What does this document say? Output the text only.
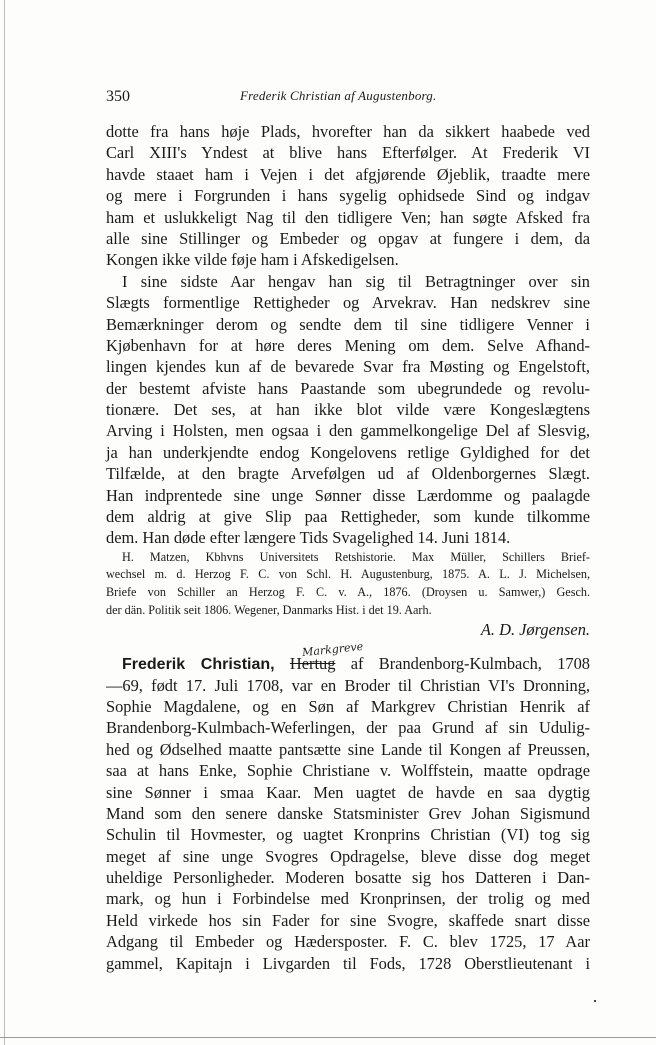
350	Frederik Christian af Augustenborg.
dotte fra hans høje Plads, hvorefter han da sikkert haabede ved
Carl XIII's Yndest at blive hans Efterfølger. At Frederik VI
havde staaet ham i Vejen i det afgjørende Øjeblik, traadte mere
og mere i Forgrunden i hans sygelig ophidsede Sind og indgav
ham et uslukkeligt Nag til den tidligere Ven; han søgte Afsked fra
alle sine Stillinger og Embeder og opgav at fungere i dem, da
Kongen ikke vilde føje ham i Afskedigelsen.
I sine sidste Aar hengav han sig til Betragtninger over sin
Slægts formentlige Rettigheder og Arvekrav. Han nedskrev sine
Bemærkninger derom og sendte dem til sine tidligere Venner i
Kjøbenhavn for at høre deres Mening om dem. Selve Afhand-
lingen kjendes kun af de bevarede Svar fra Møsting og Engelstoft,
der bestemt afviste hans Paastande som ubegrundede og revolu-
tionære. Det ses, at han ikke blot vilde være Kongeslægtens
Arving i Holsten, men ogsaa i den gammelkongelige Del af Slesvig,
ja han underkjendte endog Kongelovens retlige Gyldighed for det
Tilfælde, at den bragte Arvefølgen ud af Oldenborgernes Slægt.
Han indprentede sine unge Sønner disse Lærdomme og paalagde
dem aldrig at give Slip paa Rettigheder, som kunde tilkomme
dem. Han døde efter længere Tids Svagelighed 14. Juni 1814.
H. Matzen, Kbhvns Universitets Retshistorie. Max Müller, Schillers Brief-
wechsel m. d. Herzog F. C. von Schl. H. Augustenburg, 1875. A. L. J. Michelsen,
Briefe von Schiller an Herzog F. C. v. A., 1876. (Droysen u. Samwer,) Gesch.
der dän. Politik seit 1806. Wegener, Danmarks Hist. i det 19. Aarh.
A. D. Jørgensen.
Frederik Christian, Hertug af Brandenborg-Kulmbach, 1708
Markgreve
—69, født 17. Juli 1708, var en Broder til Christian VI's Dronning,
Sophie Magdalene, og en Søn af Markgrev Christian Henrik af
Brandenborg-Kulmbach-Weferlingen, der paa Grund af sin Udulig-
hed og Ødselhed maatte pantsætte sine Lande til Kongen af Preussen,
saa at hans Enke, Sophie Christiane v. Wolffstein, maatte opdrage
sine Sønner i smaa Kaar. Men uagtet de havde en saa dygtig
Mand som den senere danske Statsminister Grev Johan Sigismund
Schulin til Hovmester, og uagtet Kronprins Christian (VI) tog sig
meget af sine unge Svogres Opdragelse, bleve disse dog meget
uheldige Personligheder. Moderen bosatte sig hos Datteren i Dan-
mark, og hun i Forbindelse med Kronprinsen, der trolig og med
Held virkede hos sin Fader for sine Svogre, skaffede snart disse
Adgang til Embeder og Hædersposter. F. C. blev 1725, 17 Aar
gammel, Kapitajn i Livgarden til Fods, 1728 Oberstlieutenant i
